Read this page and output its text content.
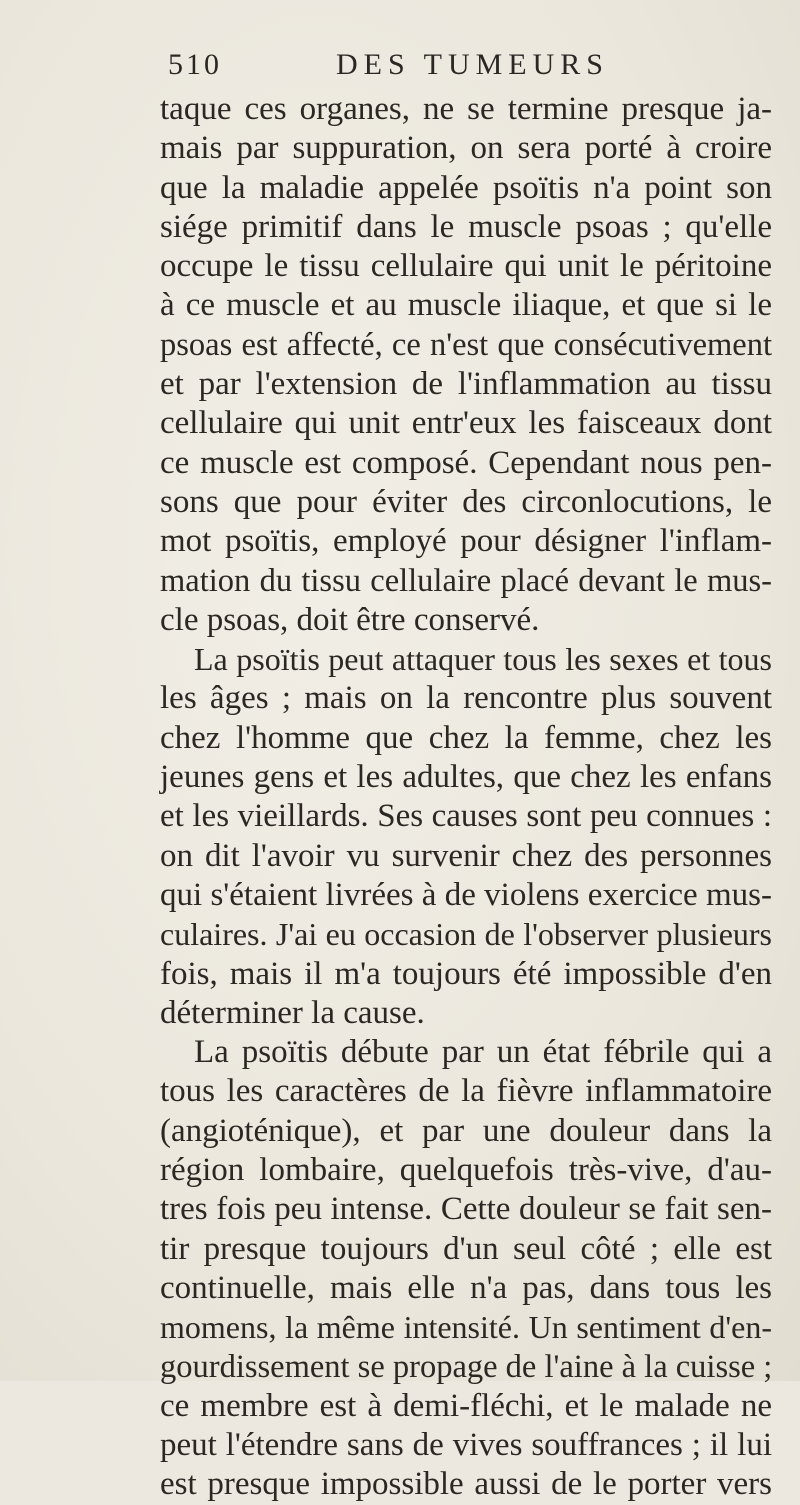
510	DES TUMEURS
taque ces organes, ne se termine presque ja-
mais par suppuration, on sera porté à croire
que la maladie appelée psoïtis n'a point son
siége primitif dans le muscle psoas ; qu'elle
occupe le tissu cellulaire qui unit le péritoine
à ce muscle et au muscle iliaque, et que si le
psoas est affecté, ce n'est que consécutivement
et par l'extension de l'inflammation au tissu
cellulaire qui unit entr'eux les faisceaux dont
ce muscle est composé. Cependant nous pen-
sons que pour éviter des circonlocutions, le
mot psoïtis, employé pour désigner l'inflam-
mation du tissu cellulaire placé devant le mus-
cle psoas, doit être conservé.
La psoïtis peut attaquer tous les sexes et tous
les âges ; mais on la rencontre plus souvent
chez l'homme que chez la femme, chez les
jeunes gens et les adultes, que chez les enfans
et les vieillards. Ses causes sont peu connues :
on dit l'avoir vu survenir chez des personnes
qui s'étaient livrées à de violens exercice mus-
culaires. J'ai eu occasion de l'observer plusieurs
fois, mais il m'a toujours été impossible d'en
déterminer la cause.
La psoïtis débute par un état fébrile qui a
tous les caractères de la fièvre inflammatoire
(angioténique), et par une douleur dans la
région lombaire, quelquefois très-vive, d'au-
tres fois peu intense. Cette douleur se fait sen-
tir presque toujours d'un seul côté ; elle est
continuelle, mais elle n'a pas, dans tous les
momens, la même intensité. Un sentiment d'en-
gourdissement se propage de l'aine à la cuisse ;
ce membre est à demi-fléchi, et le malade ne
peut l'étendre sans de vives souffrances ; il lui
est presque impossible aussi de le porter vers
